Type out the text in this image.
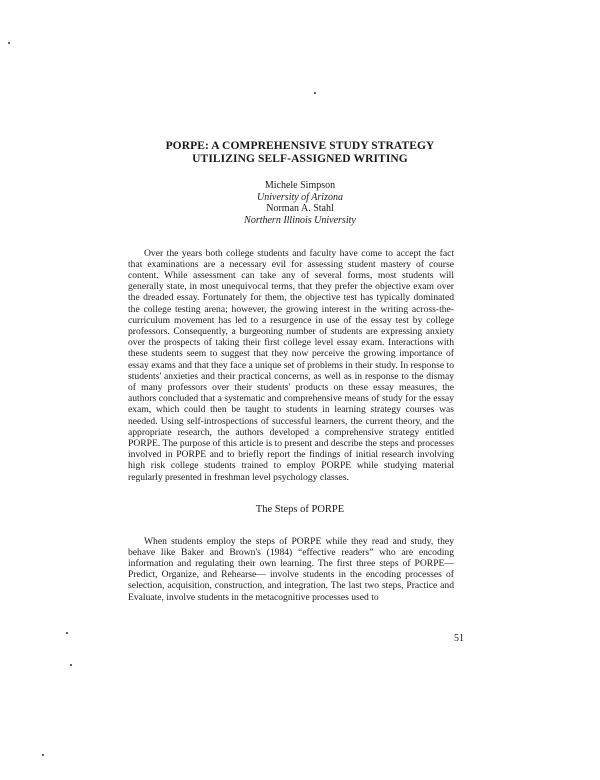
PORPE: A COMPREHENSIVE STUDY STRATEGY
UTILIZING SELF-ASSIGNED WRITING
Michele Simpson
University of Arizona
Norman A. Stahl
Northern Illinois University

Over the years both college students and faculty have come to accept the fact that examinations are a necessary evil for assessing student mastery of course content. While assessment can take any of several forms, most students will generally state, in most unequivocal terms, that they prefer the objective exam over the dreaded essay. Fortunately for them, the objective test has typically dominated the college testing arena; however, the growing interest in the writing across-the-curriculum movement has led to a resurgence in use of the essay test by college professors. Consequently, a burgeoning number of students are expressing anxiety over the prospects of taking their first college level essay exam. Interactions with these students seem to suggest that they now perceive the growing importance of essay exams and that they face a unique set of problems in their study. In response to students' anxieties and their practical concerns, as well as in response to the dismay of many professors over their students' products on these essay measures, the authors concluded that a systematic and comprehensive means of study for the essay exam, which could then be taught to students in learning strategy courses was needed. Using self-introspections of successful learners, the current theory, and the appropriate research, the authors developed a comprehensive strategy entitled PORPE. The purpose of this article is to present and describe the steps and processes involved in PORPE and to briefly report the findings of initial research involving high risk college students trained to employ PORPE while studying material regularly presented in freshman level psychology classes.

The Steps of PORPE

When students employ the steps of PORPE while they read and study, they behave like Baker and Brown's (1984) “effective readers” who are encoding information and regulating their own learning. The first three steps of PORPE— Predict, Organize, and Rehearse— involve students in the encoding processes of selection, acquisition, construction, and integration. The last two steps, Practice and Evaluate, involve students in the metacognitive processes used to

51
